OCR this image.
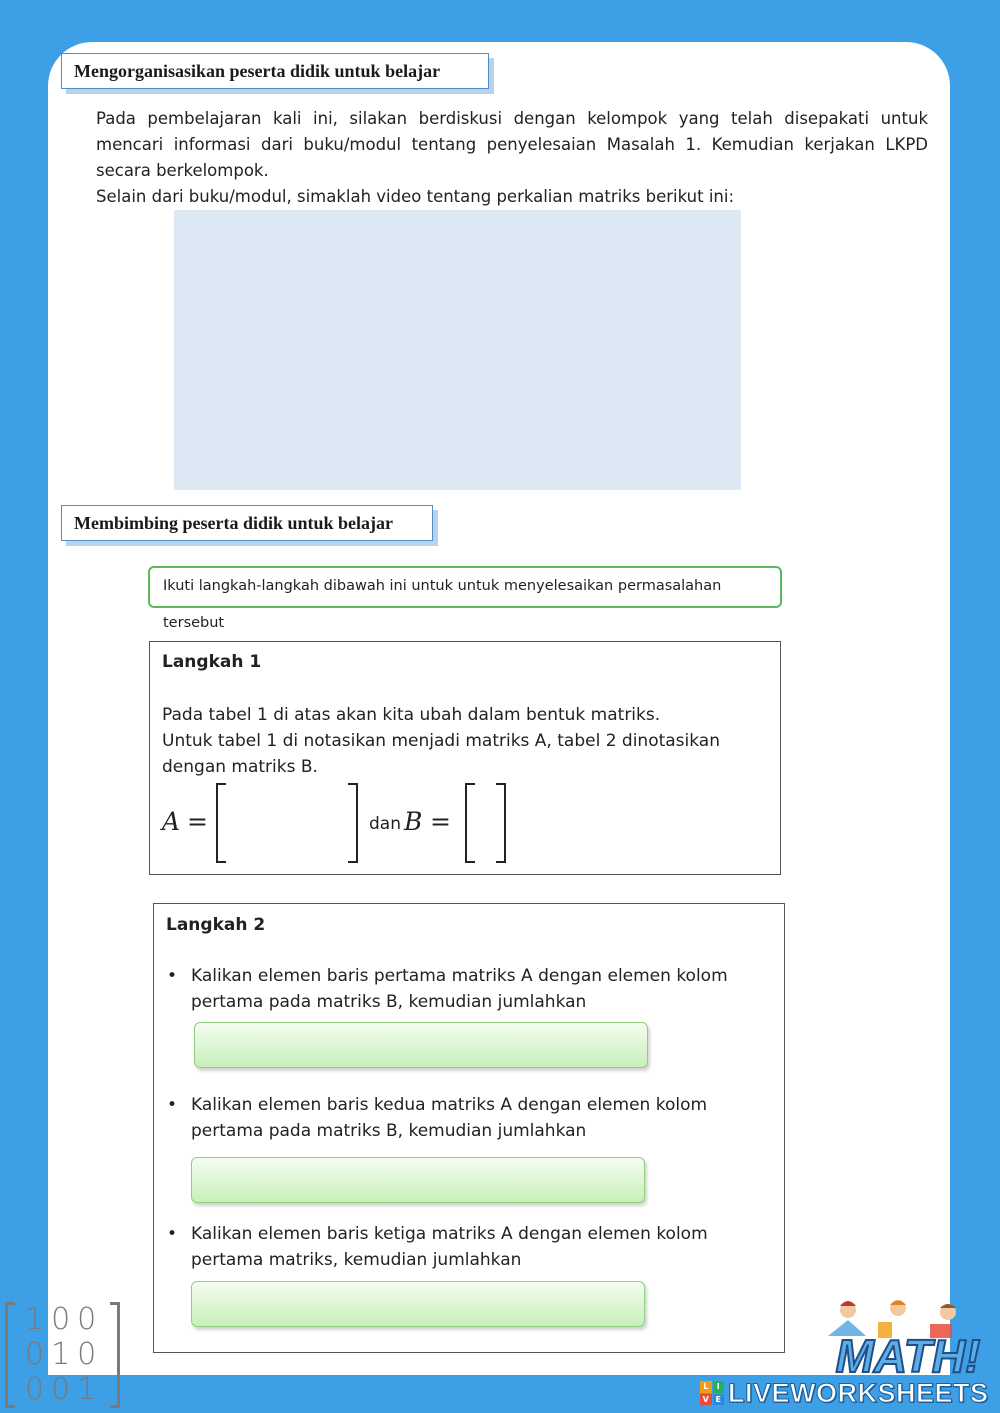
Mengorganisasikan peserta didik untuk belajar

Pada pembelajaran kali ini, silakan berdiskusi dengan kelompok yang telah disepakati untuk mencari informasi dari buku/modul tentang penyelesaian Masalah 1. Kemudian kerjakan LKPD secara berkelompok.

Selain dari buku/modul, simaklah video tentang perkalian matriks berikut ini:

Membimbing peserta didik untuk belajar
Ikuti langkah-langkah dibawah ini untuk untuk menyelesaikan permasalahan tersebut
Langkah 1
Pada tabel 1 di atas akan kita ubah dalam bentuk matriks.
Untuk tabel 1 di notasikan menjadi matriks A, tabel 2 dinotasikan dengan matriks B.
A =	dan B =
Langkah 2
• Kalikan elemen baris pertama matriks A dengan elemen kolom pertama pada matriks B, kemudian jumlahkan
• Kalikan elemen baris kedua matriks A dengan elemen kolom pertama pada matriks B, kemudian jumlahkan
• Kalikan elemen baris ketiga matriks A dengan elemen kolom pertama matriks, kemudian jumlahkan
100
010
001
MATH!
L	I
V E LIVEWORKSHEETS
